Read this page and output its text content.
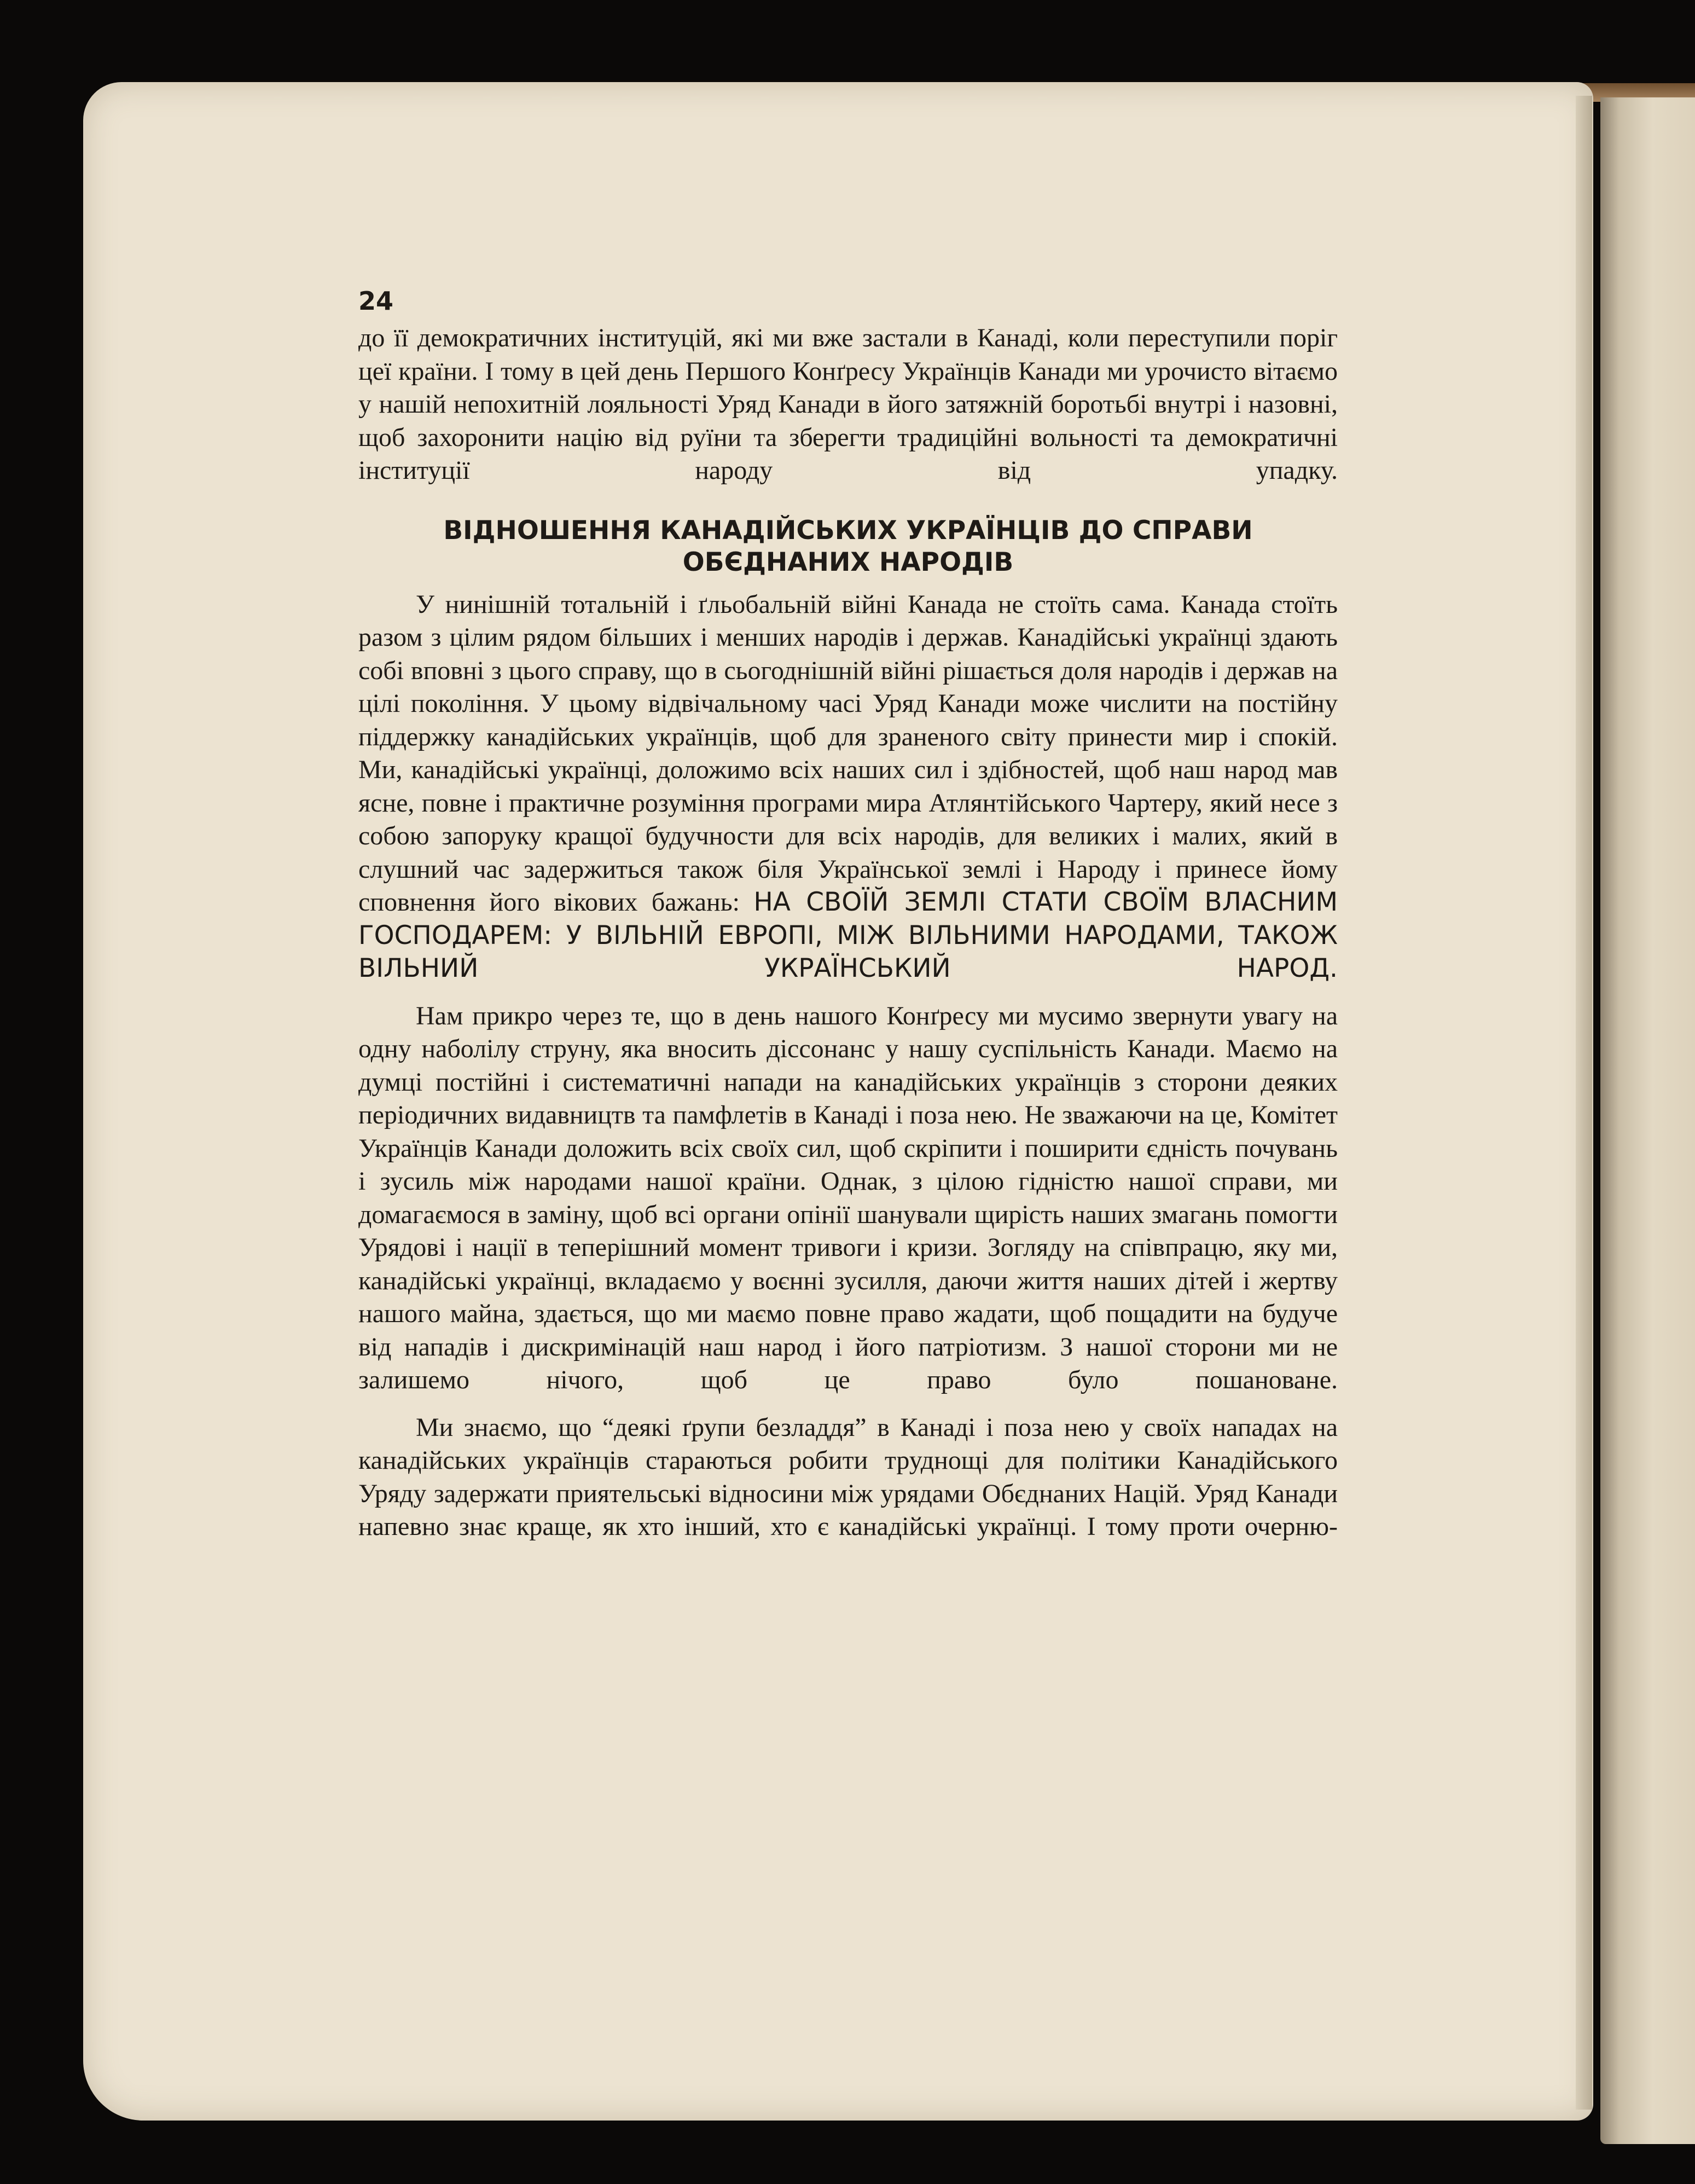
24

до її демократичних інституцій, які ми вже застали в Канаді, коли переступили поріг цеї країни. І тому в цей день Першого Конґресу Українців Канади ми урочисто вітаємо у нашій непохитній лояльності Уряд Канади в його затяжній боротьбі внутрі і назовні, щоб захоронити націю від руїни та зберегти традиційні вольності та демократичні інституції народу від упадку.

ВІДНОШЕННЯ КАНАДІЙСЬКИХ УКРАЇНЦІВ ДО СПРАВИ
ОБЄДНАНИХ НАРОДІВ

У нинішній тотальній і ґльобальній війні Канада не стоїть сама. Канада стоїть разом з цілим рядом більших і менших народів і держав. Канадійські українці здають собі вповні з цього справу, що в сьогоднішній війні рішається доля народів і держав на цілі покоління. У цьому відвічальному часі Уряд Канади може числити на постійну піддержку канадійських українців, щоб для зраненого світу принести мир і спокій. Ми, канадійські українці, доложимо всіх наших сил і здібностей, щоб наш народ мав ясне, повне і практичне розуміння програми мира Атлянтійського Чартеру, який несе з собою запоруку кращої будучности для всіх народів, для великих і малих, який в слушний час задержиться також біля Української землі і Народу і принесе йому сповнення його вікових бажань: НА СВОЇЙ ЗЕМЛІ СТАТИ СВОЇМ ВЛАСНИМ ГОСПОДАРЕМ: У ВІЛЬНІЙ ЕВРОПІ, МІЖ ВІЛЬНИМИ НАРОДАМИ, ТАКОЖ ВІЛЬНИЙ УКРАЇНСЬКИЙ НАРОД.

Нам прикро через те, що в день нашого Конґресу ми мусимо звернути увагу на одну наболілу струну, яка вносить діссонанс у нашу суспільність Канади. Маємо на думці постійні і систематичні напади на канадійських українців з сторони деяких періодичних видавництв та памфлетів в Канаді і поза нею. Не зважаючи на це, Комітет Українців Канади доложить всіх своїх сил, щоб скріпити і поширити єдність почувань і зусиль між народами нашої країни. Однак, з цілою гідністю нашої справи, ми домагаємося в заміну, щоб всі органи опінії шанували щирість наших змагань помогти Урядові і нації в теперішний момент тривоги і кризи. Зогляду на співпрацю, яку ми, канадійські українці, вкладаємо у воєнні зусилля, даючи життя наших дітей і жертву нашого майна, здається, що ми маємо повне право жадати, щоб пощадити на будуче від нападів і дискримінацій наш народ і його патріотизм. З нашої сторони ми не залишемо нічого, щоб це право було пошановане.

Ми знаємо, що “деякі ґрупи безладдя” в Канаді і поза нею у своїх нападах на канадійських українців стараються робити труднощі для політики Канадійського Уряду задержати приятельські відносини між урядами Обєднаних Націй. Уряд Канади напевно знає краще, як хто інший, хто є канадійські українці. І тому проти очерню-
